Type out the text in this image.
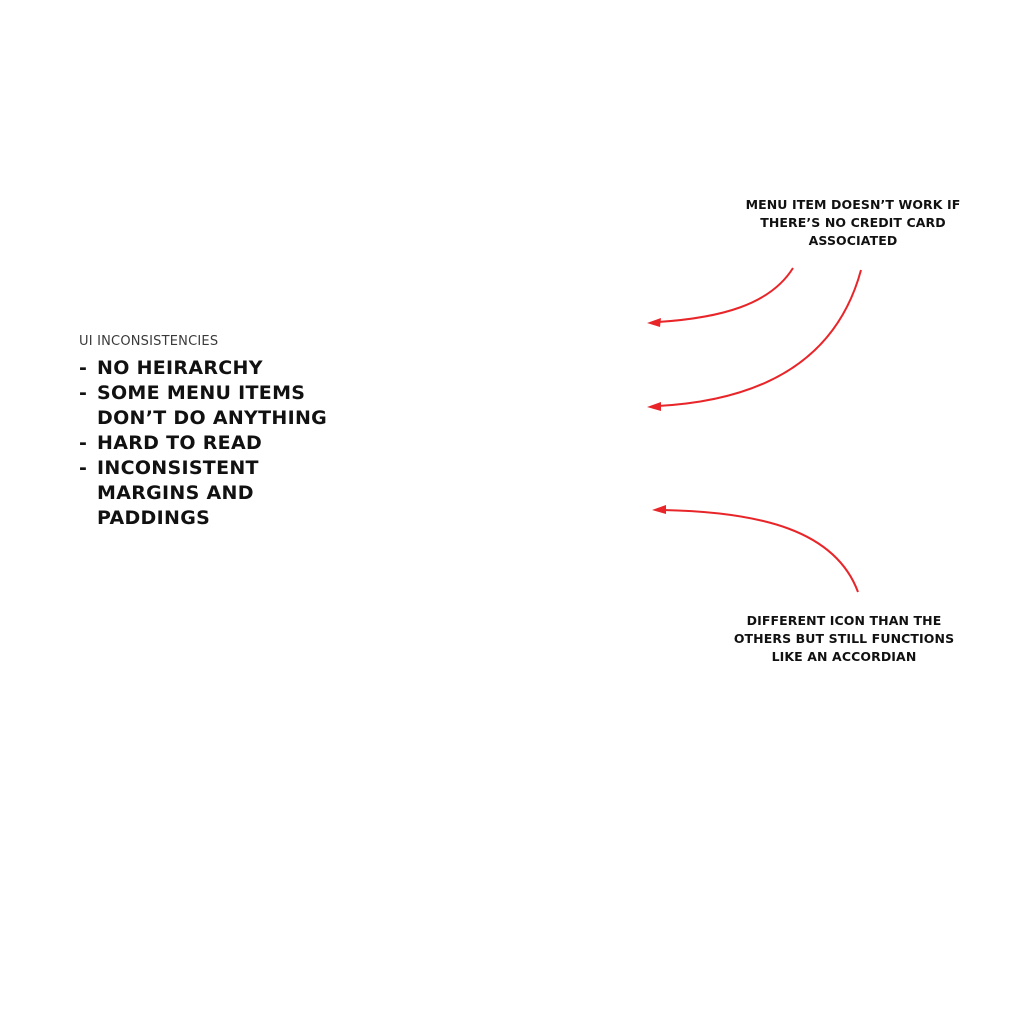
UI INCONSISTENCIES
- NO HEIRARCHY
- SOME MENU ITEMS
DON’T DO ANYTHING
- HARD TO READ
- INCONSISTENT
MARGINS AND
PADDINGS
MENU ITEM DOESN’T WORK IF
THERE’S NO CREDIT CARD
ASSOCIATED
DIFFERENT ICON THAN THE
OTHERS BUT STILL FUNCTIONS
LIKE AN ACCORDIAN
